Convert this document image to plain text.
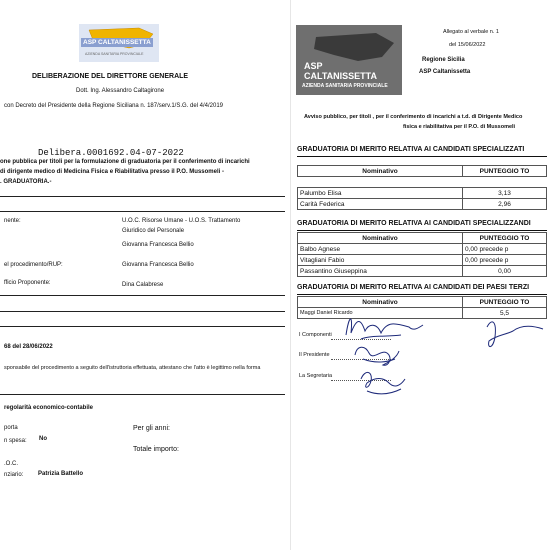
ASP CALTANISSETTA
AZIENDA SANITARIA PROVINCIALE
DELIBERAZIONE DEL DIRETTORE GENERALE
Dott. Ing. Alessandro Caltagirone
con Decreto del Presidente della Regione Siciliana n. 187/serv.1/S.G. del 4/4/2019
Delibera.0001692.04-07-2022
one pubblica per titoli per la formulazione di graduatoria per il conferimento di incarichi
di dirigente medico di Medicina Fisica e Riabilitativa presso il P.O. Mussomeli -
. GRADUATORIA.-
nente:	U.O.C. Risorse Umane - U.O.S. Trattamento
Giuridico del Personale
Giovanna Francesca Bellio
el procedimento/RUP:	Giovanna Francesca Bellio
fficio Proponente:	Dina Calabrese
68 del 28/06/2022
sponsabile del procedimento a seguito dell'istruttoria effettuata, attestano che l'atto è legittimo nella forma
regolarità economico-contabile
porta
n spesa: No
Per gli anni:
Totale importo:
.O.C.
nziario: Patrizia Battello
ASP
CALTANISSETTA
AZIENDA SANITARIA PROVINCIALE
Allegato al verbale n. 1
del 15/06/2022
Regione Sicilia
ASP Caltanissetta
Avviso pubblico, per titoli , per il conferimento di incarichi a t.d. di Dirigente Medico
fisica e riabilitativa per il P.O. di Mussomeli
GRADUATORIA DI MERITO RELATIVA AI CANDIDATI SPECIALIZZATI
Nominativo	PUNTEGGIO TO

Palumbo Elisa	3,13
Carità Federica	2,96
GRADUATORIA DI MERITO RELATIVA AI CANDIDATI SPECIALIZZANDI
Nominativo	PUNTEGGIO TO
Balbo Agnese	0,00 precede p
Vitagliani Fabio	0,00 precede p
Passantino Giuseppina	0,00
GRADUATORIA DI MERITO RELATIVA AI CANDIDATI DEI PAESI TERZI
Nominativo	PUNTEGGIO TO
Maggi Daniel Ricardo	5,5
I Componenti
Il Presidente
La Segretaria
